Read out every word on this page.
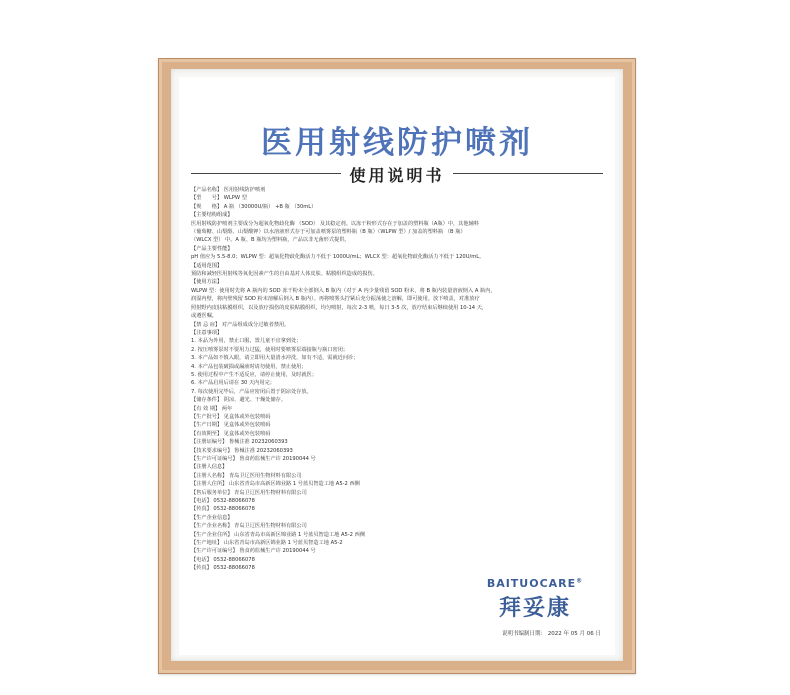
医用射线防护喷剂
使用说明书
【产品名称】 医用射线防护喷剂
【型　　号】 WLPW 型
【规　　格】 A 瓶 （30000U/瓶） +B 瓶 （30mL）
【主要结构组成】
医用射线防护喷剂主要成分为超氧化物歧化酶 （SOD） 及其稳定剂。以冻干粉形式存在于加盖的塑料瓶（A瓶）中，其他辅料
（葡萄糖、山梨醇、山梨酸钾）以水溶液形式存于可加盖喷雾泵的塑料瓶（B 瓶）（WLPW 型）/ 加盖的塑料瓶 （B 瓶）
（WLCX 型） 中。A 瓶、B 瓶均为塑料瓶，产品以非无菌形式提供。
【产品主要性能】
pH 值应为 5.5-8.0；WLPW 型：超氧化物歧化酶活力不低于 1000U/mL；WLCX 型：超氧化物歧化酶活力不低于 120U/mL。
【适用范围】
预防和减轻医用射线等氧化因素产生的自由基对人体皮肤、粘膜组织造成的损伤。
【使用方法】
WLPW 型：使用时先将 A 瓶内的 SOD 冻干粉末全部倒入 B 瓶内（对于 A 内少量残留 SOD 粉末，将 B 瓶内装量溶液倒入 A 瓶内，
润湿内壁，将内壁残留 SOD 粉末溶解后倒入 B 瓶内）。再将喷雾头拧紧后充分振荡使之溶解，即可使用。放下喷盖，对准放疗
照射野内皮肤粘膜组织，以及放疗损伤的皮肤粘膜组织，均匀喷射，每次 2-3 喷，每日 3-5 次，放疗结束后继续使用 10-14 天，
或遵医嘱。
【禁 忌 症】 对产品组成成分过敏者禁用。
【注意事项】
1. 本品为外用，禁止口服，置儿童不宜拿到处；
2. 按压喷雾泵时不要用力过猛，使用时要喷雾泵端接瓶与瓶口密闭；
3. 本产品如不慎入眼，请立即用大量清水冲洗，如有不适，需就近问诊；
4. 本产品包装破损或漏液时请勿使用，禁止使用；
5. 使用过程中产生不适反应，请停止使用，及时就医；
6. 本产品启用后请在 30 天内用完；
7. 每次使用完毕后，产品应密闭后置于阴凉处存放。
【储存条件】 阴凉、避光、干燥处储存。
【有 效 期】 两年
【生产批号】 见盒体或外包装喷码
【生产日期】 见盒体或外包装喷码
【有效期至】 见盒体或外包装喷码
【注册证编号】 鲁械注准 20232060393
【技术要求编号】 鲁械注准 20232060393
【生产许可证编号】 鲁食药监械生产许 20190044 号
【注册人信息】
【注册人名称】 青岛卫辽医用生物材料有限公司
【注册人住所】 山东省青岛市高新区锦业路 1 号蓝贝智造工地 A5-2 西侧
【售后服务单位】 青岛卫辽医用生物材料有限公司
【电话】 0532-88066078
【传真】 0532-88066078
【生产企业信息】
【生产企业名称】 青岛卫辽医用生物材料有限公司
【生产企业住所】 山东省青岛市高新区锦业路 1 号蓝贝智造工地 A5-2 西侧
【生产地址】 山东省青岛市高新区锦业路 1 号蓝贝智造工地 A5-2
【生产许可证编号】 鲁食药监械生产许 20190044 号
【电话】 0532-88066078
【传真】 0532-88066078
BAITUOCARE®
拜妥康
说明书编制日期： 2022 年 05 月 06 日
